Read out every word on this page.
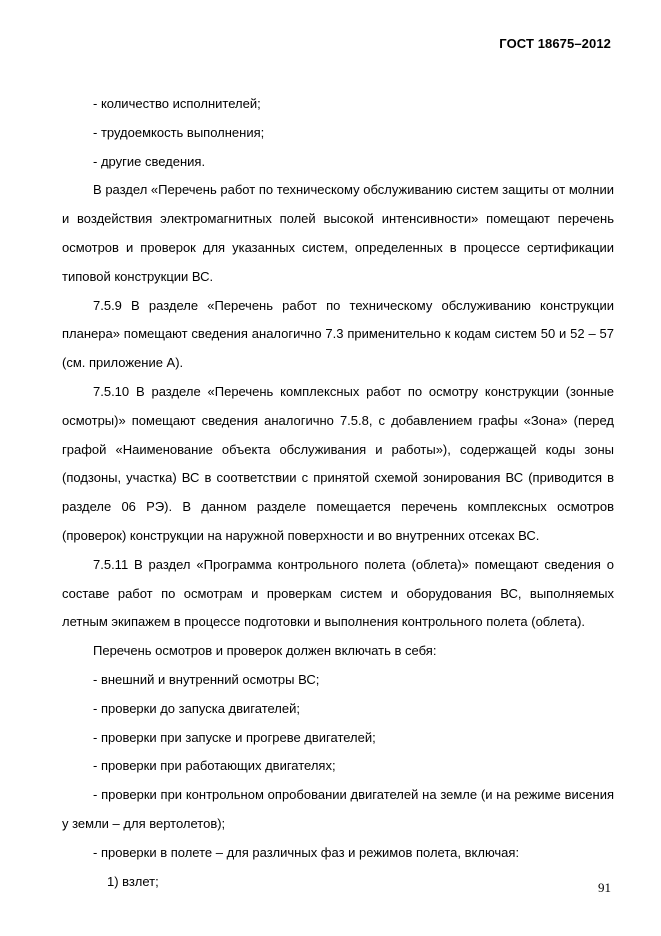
ГОСТ 18675–2012

- количество исполнителей;

- трудоемкость выполнения;

- другие сведения.

В раздел «Перечень работ по техническому обслуживанию систем защиты от молнии и воздействия электромагнитных полей высокой интенсивности» помещают перечень осмотров и проверок для указанных систем, определенных в процессе сертификации типовой конструкции ВС.

7.5.9 В разделе «Перечень работ по техническому обслуживанию конструкции планера» помещают сведения аналогично 7.3 применительно к кодам систем 50 и 52 – 57 (см. приложение А).

7.5.10 В разделе «Перечень комплексных работ по осмотру конструкции (зонные осмотры)» помещают сведения аналогично 7.5.8, с добавлением графы «Зона» (перед графой «Наименование объекта обслуживания и работы»), содержащей коды зоны (подзоны, участка) ВС в соответствии с принятой схемой зонирования ВС (приводится в разделе 06 РЭ). В данном разделе помещается перечень комплексных осмотров (проверок) конструкции на наружной поверхности и во внутренних отсеках ВС.

7.5.11 В раздел «Программа контрольного полета (облета)» помещают сведения о составе работ по осмотрам и проверкам систем и оборудования ВС, выполняемых летным экипажем в процессе подготовки и выполнения контрольного полета (облета).

Перечень осмотров и проверок должен включать в себя:

- внешний и внутренний осмотры ВС;

- проверки до запуска двигателей;

- проверки при запуске и прогреве двигателей;

- проверки при работающих двигателях;

- проверки при контрольном опробовании двигателей на земле (и на режиме висения у земли – для вертолетов);

- проверки в полете – для различных фаз и режимов полета, включая:

1) взлет;	91
